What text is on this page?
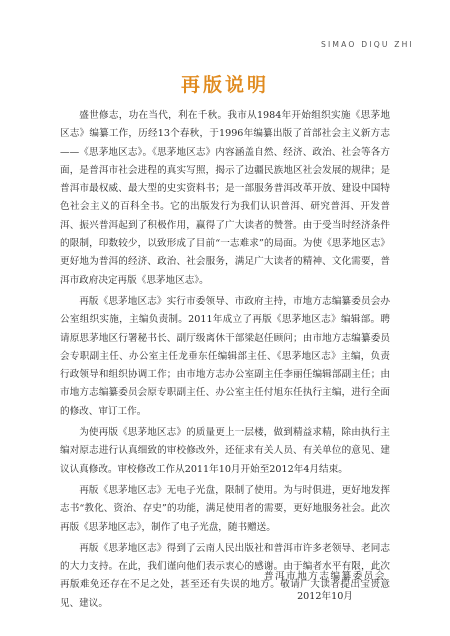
SIMAO DIQU ZHI
再版说明

盛世修志，功在当代，利在千秋。我市从1984年开始组织实施《思茅地区志》编纂工作，历经13个春秋，于1996年编纂出版了首部社会主义新方志——《思茅地区志》。《思茅地区志》内容涵盖自然、经济、政治、社会等各方面，是普洱市社会进程的真实写照，揭示了边疆民族地区社会发展的规律；是普洱市最权威、最大型的史实资料书；是一部服务普洱改革开放、建设中国特色社会主义的百科全书。它的出版发行为我们认识普洱、研究普洱、开发普洱、振兴普洱起到了积极作用，赢得了广大读者的赞誉。由于受当时经济条件的限制，印数较少，以致形成了目前“一志难求”的局面。为使《思茅地区志》更好地为普洱的经济、政治、社会服务，满足广大读者的精神、文化需要，普洱市政府决定再版《思茅地区志》。

再版《思茅地区志》实行市委领导、市政府主持，市地方志编纂委员会办公室组织实施，主编负责制。2011年成立了再版《思茅地区志》编辑部。聘请原思茅地区行署秘书长、副厅级离休干部梁赵任顾问；由市地方志编纂委员会专职副主任、办公室主任龙垂东任编辑部主任、《思茅地区志》主编，负责行政领导和组织协调工作；由市地方志办公室副主任李丽任编辑部副主任；由市地方志编纂委员会原专职副主任、办公室主任付旭东任执行主编，进行全面的修改、审订工作。

为使再版《思茅地区志》的质量更上一层楼，做到精益求精，除由执行主编对原志进行认真细致的审校修改外，还征求有关人员、有关单位的意见、建议认真修改。审校修改工作从2011年10月开始至2012年4月结束。

再版《思茅地区志》无电子光盘，限制了使用。为与时俱进，更好地发挥志书“教化、资治、存史”的功能，满足使用者的需要，更好地服务社会。此次再版《思茅地区志》，制作了电子光盘，随书赠送。

再版《思茅地区志》得到了云南人民出版社和普洱市许多老领导、老同志的大力支持。在此，我们谨向他们表示衷心的感谢。由于编者水平有限，此次再版难免还存在不足之处，甚至还有失误的地方。敬请广大读者提出宝贵意见、建议。

普洱市地方志编纂委员会
2012年10月
